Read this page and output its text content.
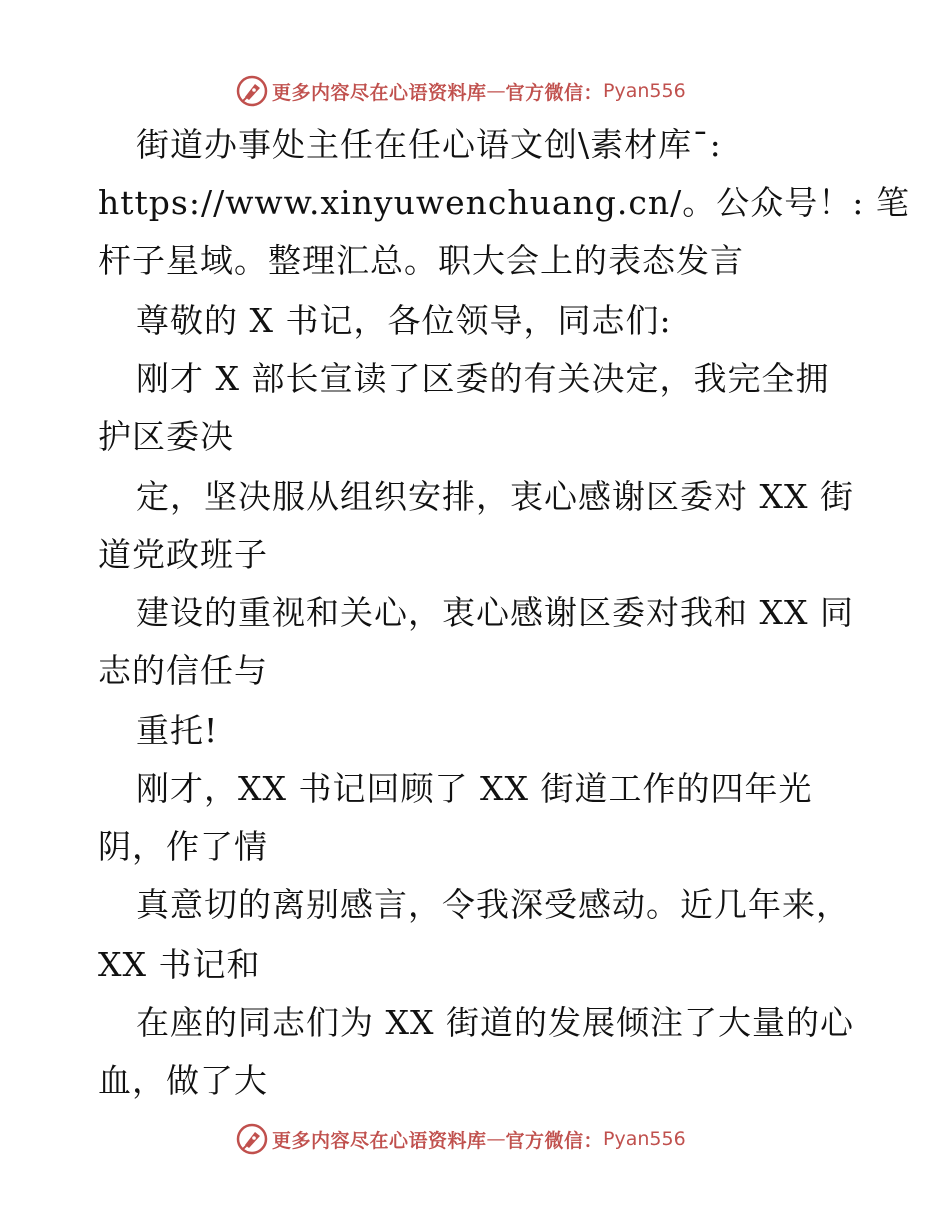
更多内容尽在心语资料库 — 官方微信： Pyan556
街道办事处主任在任心语文创\素材库¯:
https://www.xinyuwenchuang.cn/。公众号！: 笔
杆子星域。整理汇总。职大会上的表态发言
尊敬的 X 书记，各位领导，同志们:
刚才 X 部长宣读了区委的有关决定，我完全拥
护区委决
定，坚决服从组织安排，衷心感谢区委对 XX 街
道党政班子
建设的重视和关心，衷心感谢区委对我和 XX 同
志的信任与
重托!
刚才，XX 书记回顾了 XX 街道工作的四年光
阴，作了情
真意切的离别感言，令我深受感动。近几年来，
XX 书记和
在座的同志们为 XX 街道的发展倾注了大量的心
血，做了大
更多内容尽在心语资料库 — 官方微信： Pyan556
